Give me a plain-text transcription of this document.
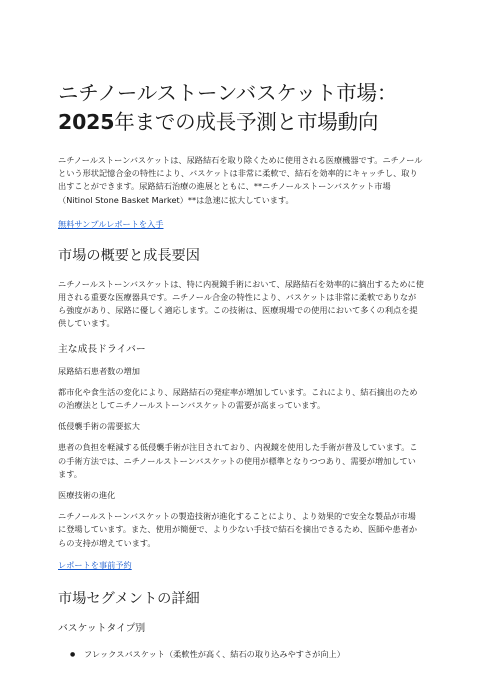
ニチノールストーンバスケット市場：2025年までの成長予測と市場動向

ニチノールストーンバスケットは、尿路結石を取り除くために使用される医療機器です。ニチノールという形状記憶合金の特性により、バスケットは非常に柔軟で、結石を効率的にキャッチし、取り出すことができます。尿路結石治療の進展とともに、**ニチノールストーンバスケット市場（Nitinol Stone Basket Market）**は急速に拡大しています。

無料サンプルレポートを入手
市場の概要と成長要因

ニチノールストーンバスケットは、特に内視鏡手術において、尿路結石を効率的に摘出するために使用される重要な医療器具です。ニチノール合金の特性により、バスケットは非常に柔軟でありながら強度があり、尿路に優しく適応します。この技術は、医療現場での使用において多くの利点を提供しています。

主な成長ドライバー

尿路結石患者数の増加

都市化や食生活の変化により、尿路結石の発症率が増加しています。これにより、結石摘出のための治療法としてニチノールストーンバスケットの需要が高まっています。

低侵襲手術の需要拡大

患者の負担を軽減する低侵襲手術が注目されており、内視鏡を使用した手術が普及しています。この手術方法では、ニチノールストーンバスケットの使用が標準となりつつあり、需要が増加しています。

医療技術の進化

ニチノールストーンバスケットの製造技術が進化することにより、より効果的で安全な製品が市場に登場しています。また、使用が簡便で、より少ない手技で結石を摘出できるため、医師や患者からの支持が増えています。

レポートを事前予約
市場セグメントの詳細
バスケットタイプ別
● フレックスバスケット（柔軟性が高く、結石の取り込みやすさが向上）
